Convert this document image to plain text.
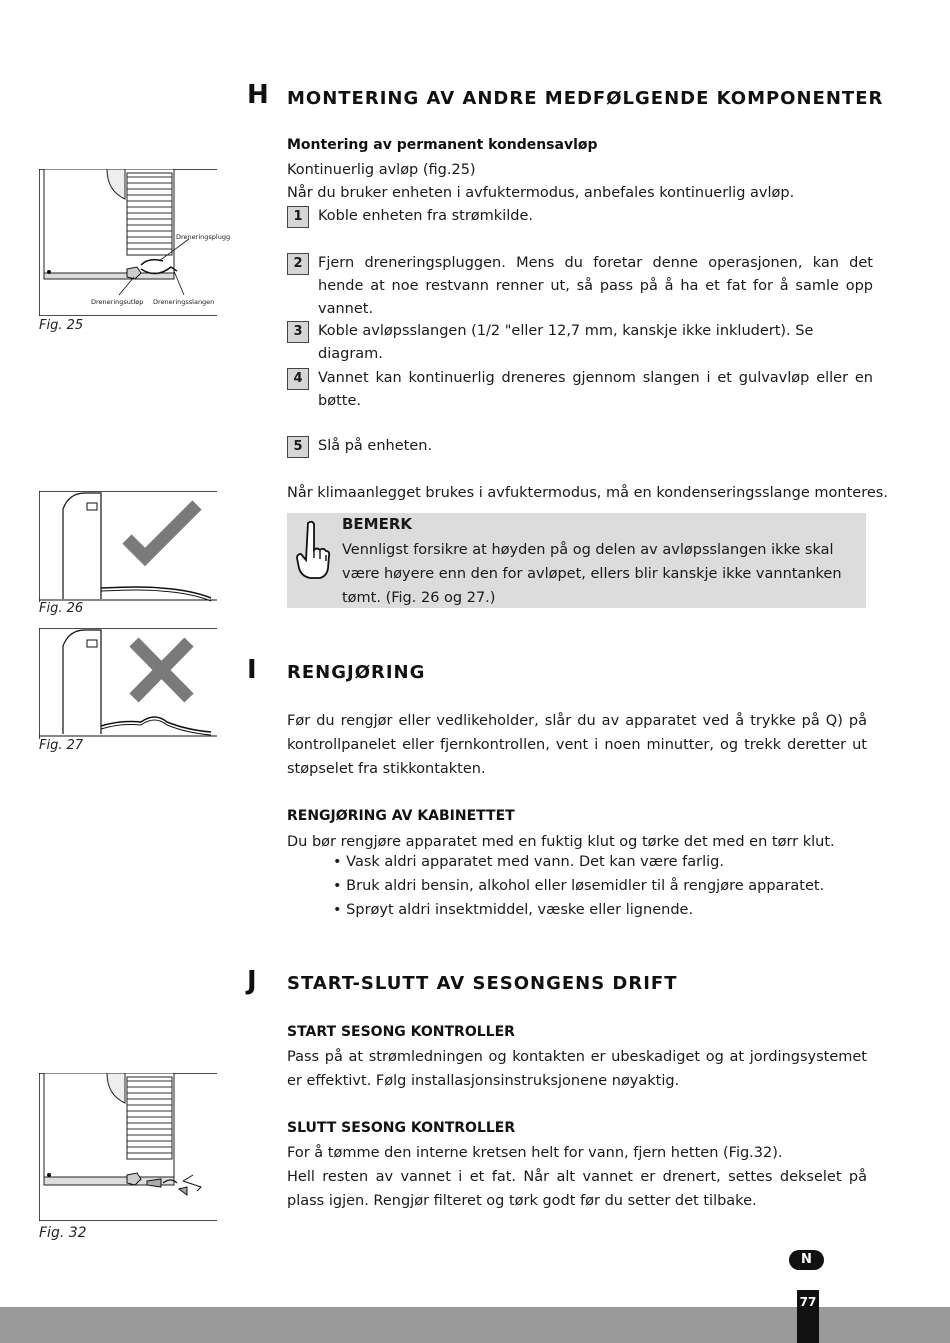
H MONTERING AV ANDRE MEDFØLGENDE KOMPONENTER
Montering av permanent kondensavløp
Kontinuerlig avløp (fig.25)
Når du bruker enheten i avfuktermodus, anbefales kontinuerlig avløp.
1	Koble enheten fra strømkilde.
2	Fjern dreneringspluggen. Mens du foretar denne operasjonen, kan det hende at noe restvann renner ut, så pass på å ha et fat for å samle opp vannet.
3	Koble avløpsslangen (1/2 "eller 12,7 mm, kanskje ikke inkludert). Se diagram.
4	Vannet kan kontinuerlig dreneres gjennom slangen i et gulvavløp eller en bøtte.
5	Slå på enheten.
Når klimaanlegget brukes i avfuktermodus, må en kondenseringsslange monteres.
BEMERK
Vennligst forsikre at høyden på og delen av avløpsslangen ikke skal være høyere enn den for avløpet, ellers blir kanskje ikke vanntanken tømt. (Fig. 26 og 27.)
Dreneringsplugg
Dreneringsutløp Dreneringsslangen
Fig. 25
Fig. 26
Fig. 27
I RENGJØRING
Før du rengjør eller vedlikeholder, slår du av apparatet ved å trykke på Q) på kontrollpanelet eller fjernkontrollen, vent i noen minutter, og trekk deretter ut støpselet fra stikkontakten.
RENGJØRING AV KABINETTET
Du bør rengjøre apparatet med en fuktig klut og tørke det med en tørr klut.
• Vask aldri apparatet med vann. Det kan være farlig.
• Bruk aldri bensin, alkohol eller løsemidler til å rengjøre apparatet.
• Sprøyt aldri insektmiddel, væske eller lignende.
J START-SLUTT AV SESONGENS DRIFT
START SESONG KONTROLLER
Pass på at strømledningen og kontakten er ubeskadiget og at jordingsystemet er effektivt. Følg installasjonsinstruksjonene nøyaktig.
SLUTT SESONG KONTROLLER
For å tømme den interne kretsen helt for vann, fjern hetten (Fig.32).
Hell resten av vannet i et fat. Når alt vannet er drenert, settes dekselet på plass igjen. Rengjør filteret og tørk godt før du setter det tilbake.
Fig. 32
N
77
